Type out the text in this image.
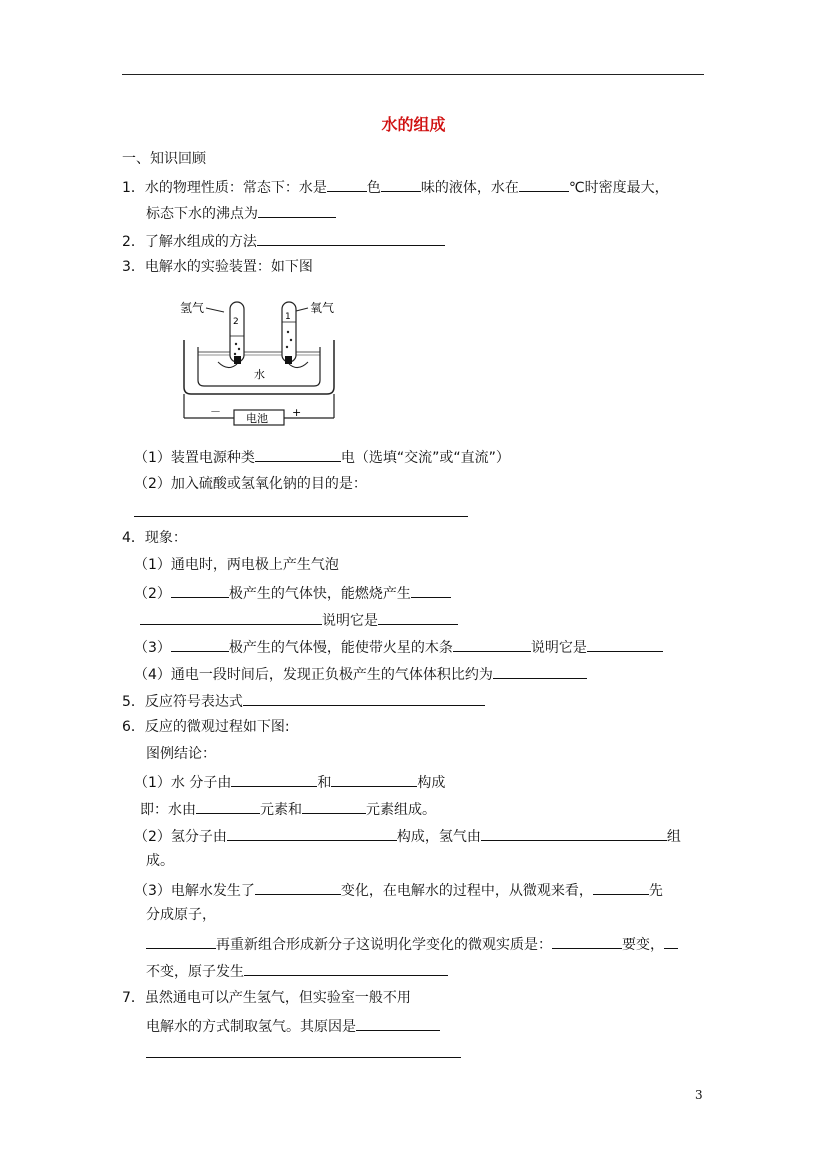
水的组成
一、知识回顾
1．水的物理性质：常态下：水是	色	味的液体，水在	℃时密度最大，
标态下水的沸点为
2．了解水组成的方法
3．电解水的实验装置：如下图
氢气	氧气
2	1
水
电池
－	+
（1）装置电源种类	电（选填“交流”或“直流”）
（2）加入硫酸或氢氧化钠的目的是：
4．现象：
（1）通电时，两电极上产生气泡
（2）	极产生的气体快，能燃烧产生
说明它是
（3）	极产生的气体慢，能使带火星的木条	说明它是
（4）通电一段时间后，发现正负极产生的气体体积比约为
5．反应符号表达式
6．反应的微观过程如下图:
图例结论：
（1）水 分子由	和	构成
即：水由	元素和	元素组成。
（2）氢分子由	构成，氢气由	组
成。
（3）电解水发生了	变化，在电解水的过程中，从微观来看，	先
分成原子，
再重新组合形成新分子这说明化学变化的微观实质是：	要变，
不变，原子发生
7．虽然通电可以产生氢气，但实验室一般不用
电解水的方式制取氢气。其原因是
3
